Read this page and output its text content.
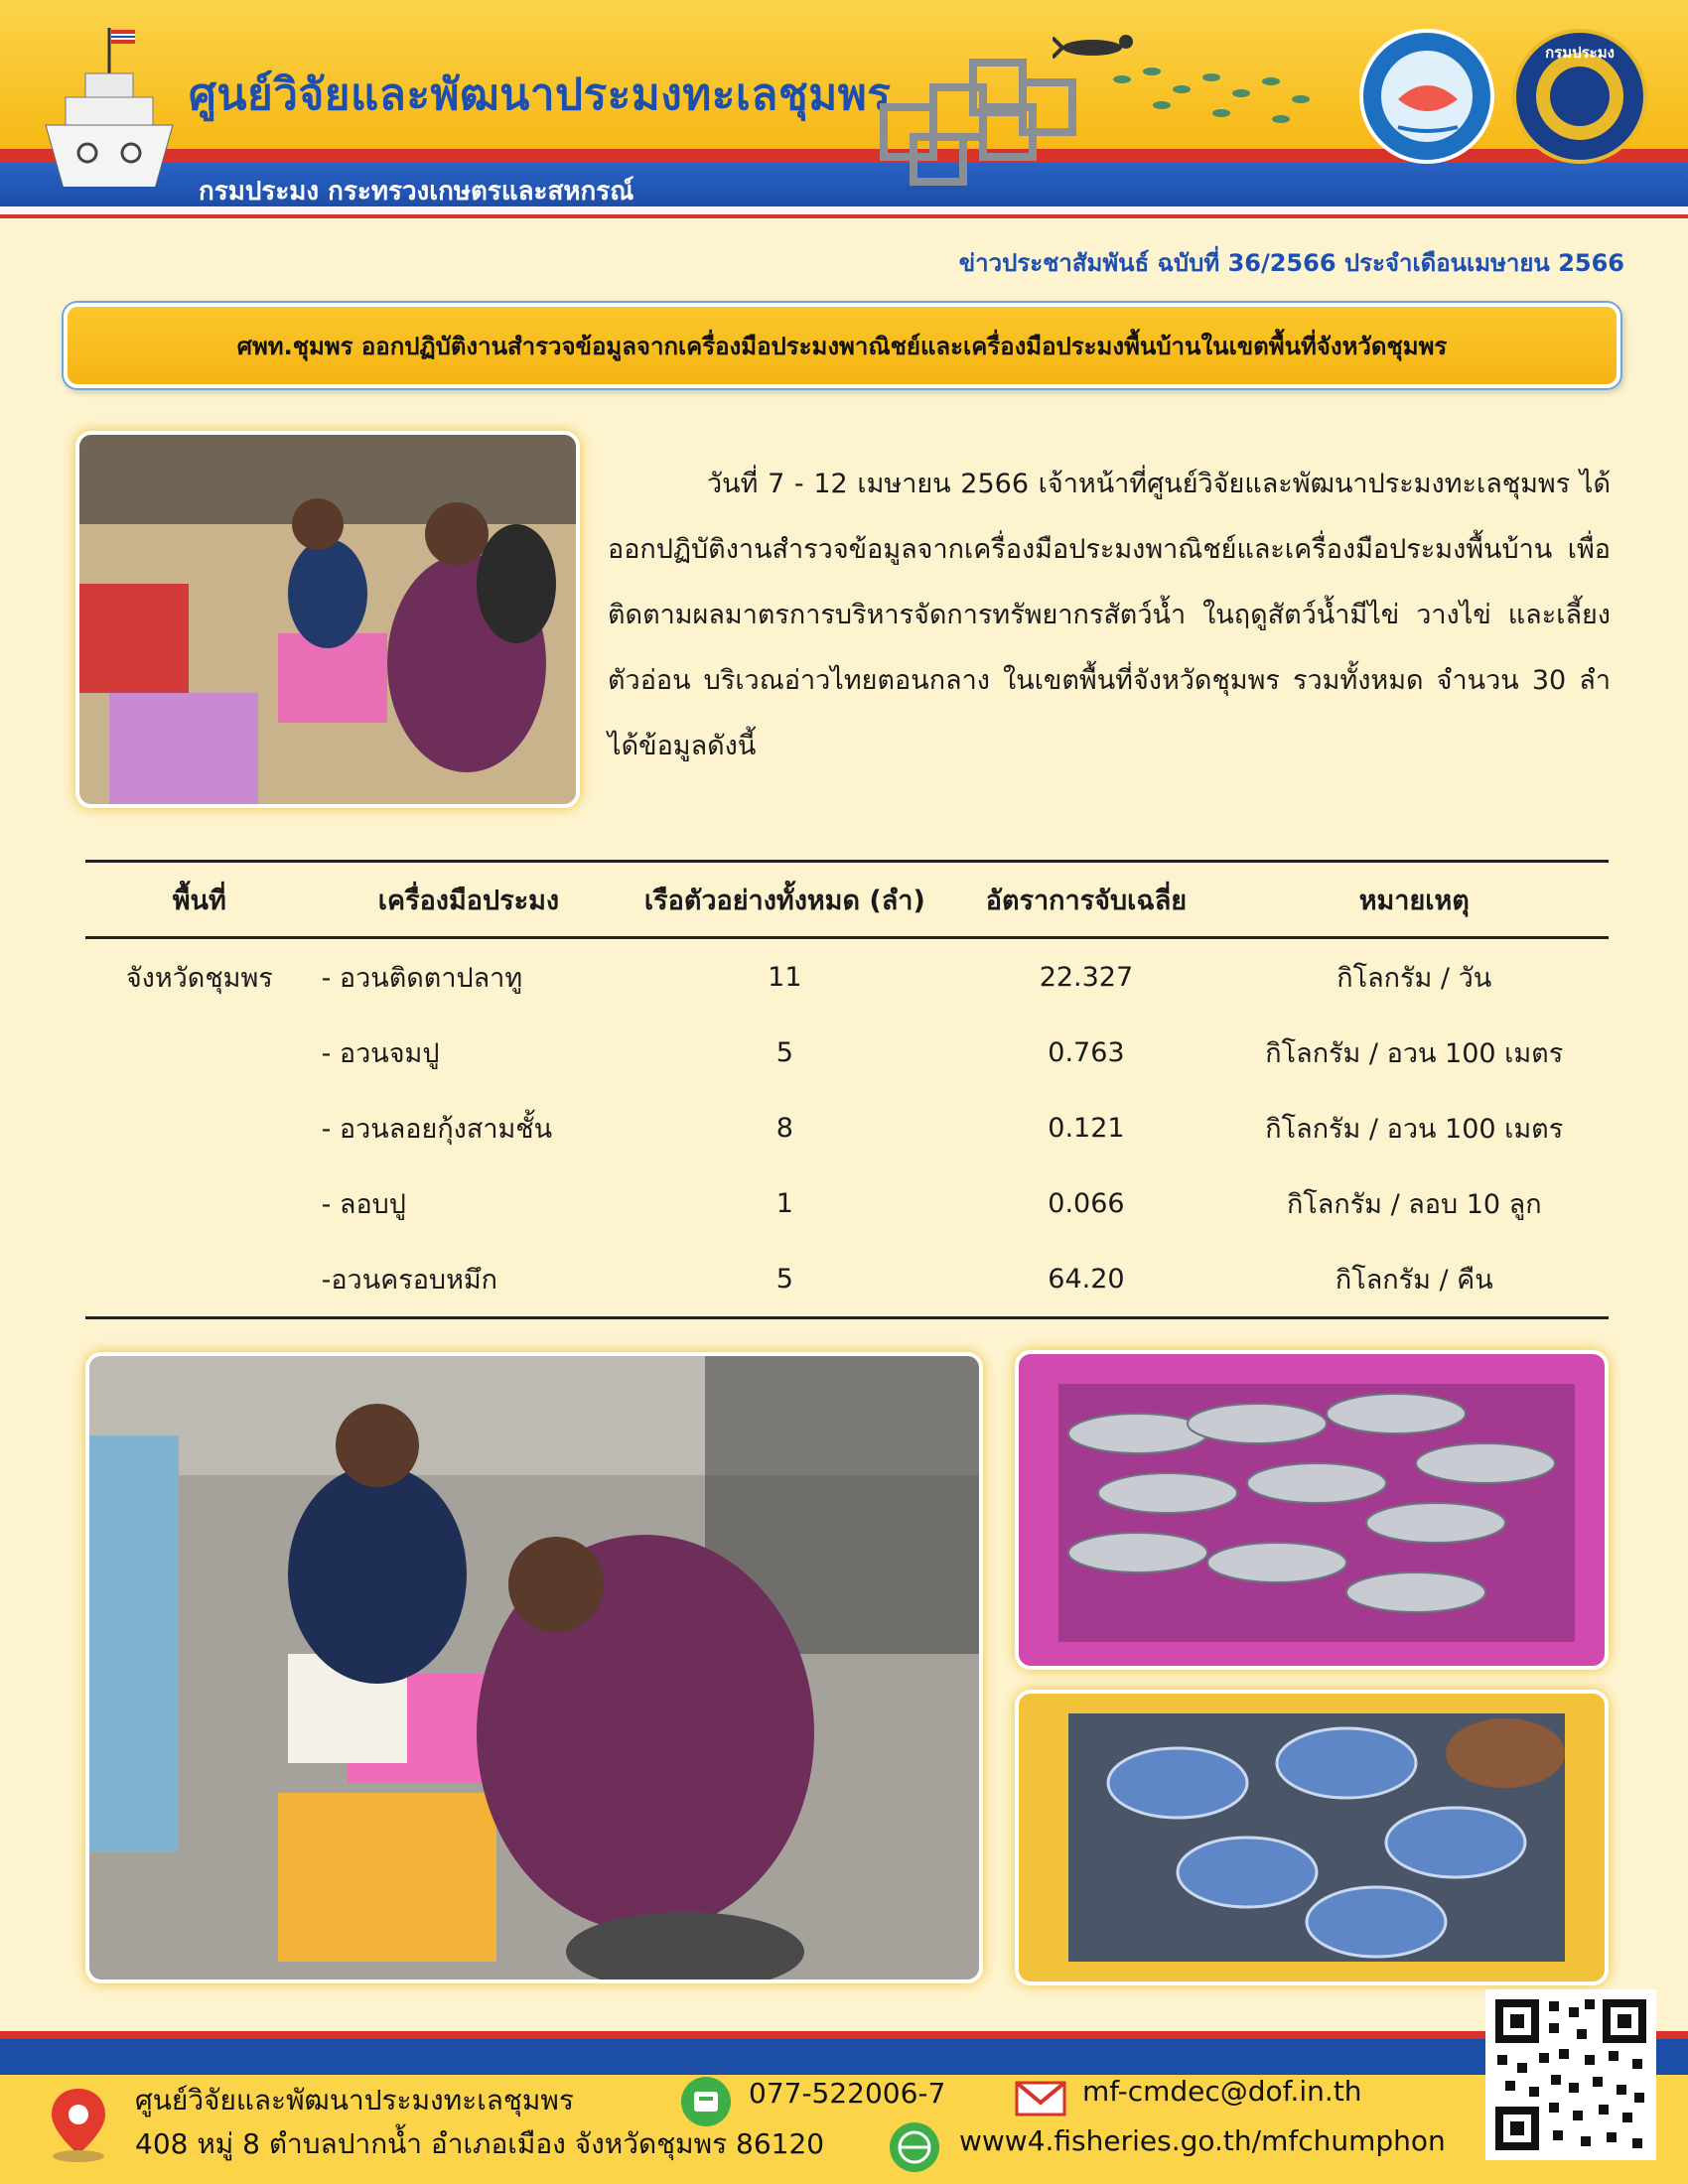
ศูนย์วิจัยและพัฒนาประมงทะเลชุมพร
กรมประมง กระทรวงเกษตรและสหกรณ์
กรมประมง
ข่าวประชาสัมพันธ์ ฉบับที่ 36/2566 ประจำเดือนเมษายน 2566
ศพท.ชุมพร ออกปฏิบัติงานสำรวจข้อมูลจากเครื่องมือประมงพาณิชย์และเครื่องมือประมงพื้นบ้านในเขตพื้นที่จังหวัดชุมพร
วันที่ 7 - 12 เมษายน 2566 เจ้าหน้าที่ศูนย์วิจัยและพัฒนาประมงทะเลชุมพร ได้ออกปฏิบัติงานสำรวจข้อมูลจากเครื่องมือประมงพาณิชย์และเครื่องมือประมงพื้นบ้าน เพื่อติดตามผลมาตรการบริหารจัดการทรัพยากรสัตว์น้ำ ในฤดูสัตว์น้ำมีไข่ วางไข่ และเลี้ยงตัวอ่อน บริเวณอ่าวไทยตอนกลาง ในเขตพื้นที่จังหวัดชุมพร รวมทั้งหมด จำนวน 30 ลำ ได้ข้อมูลดังนี้
พื้นที่	เครื่องมือประมง	เรือตัวอย่างทั้งหมด (ลำ)	อัตราการจับเฉลี่ย	หมายเหตุ
จังหวัดชุมพร	- อวนติดตาปลาทู	11	22.327	กิโลกรัม / วัน
	- อวนจมปู	5	0.763	กิโลกรัม / อวน 100 เมตร
	- อวนลอยกุ้งสามชั้น	8	0.121	กิโลกรัม / อวน 100 เมตร
	- ลอบปู	1	0.066	กิโลกรัม / ลอบ 10 ลูก
	-อวนครอบหมึก	5	64.20	กิโลกรัม / คืน
ศูนย์วิจัยและพัฒนาประมงทะเลชุมพร
408 หมู่ 8 ตำบลปากน้ำ อำเภอเมือง จังหวัดชุมพร 86120
077-522006-7	mf-cmdec@dof.in.th
www4.fisheries.go.th/mfchumphon
